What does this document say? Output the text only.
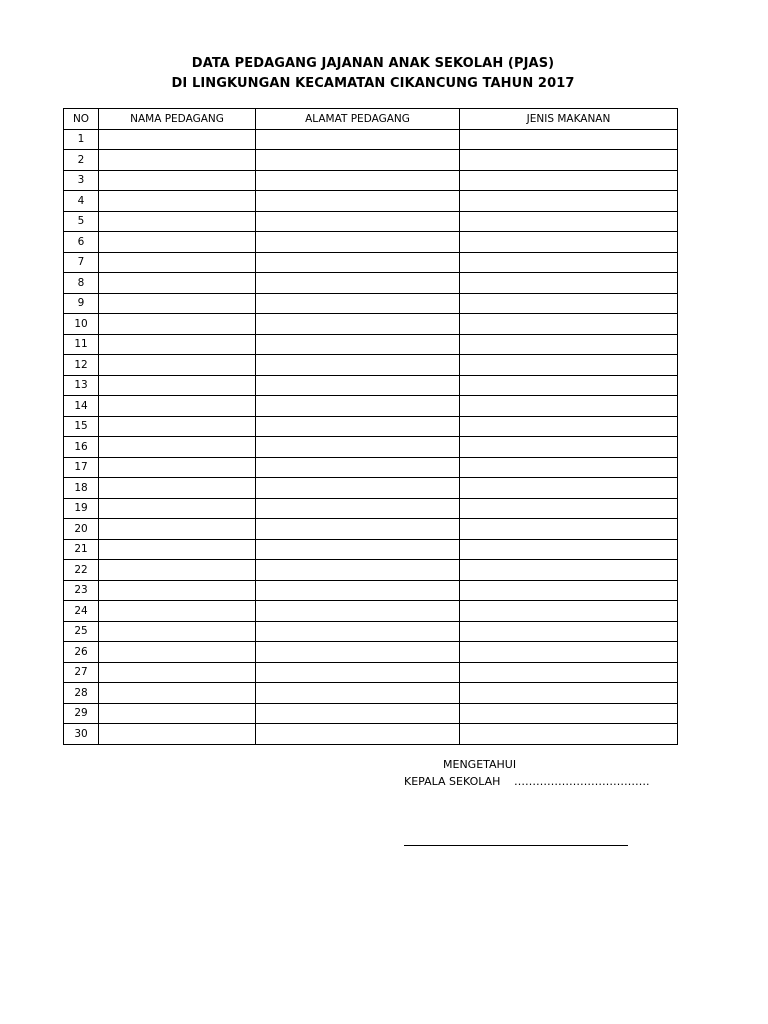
DATA PEDAGANG JAJANAN ANAK SEKOLAH (PJAS)
DI LINGKUNGAN KECAMATAN CIKANCUNG TAHUN 2017
NO	NAMA PEDAGANG	ALAMAT PEDAGANG	JENIS MAKANAN
1			
2			
3			
4			
5			
6			
7			
8			
9			
10			
11			
12			
13			
14			
15			
16			
17			
18			
19			
20			
21			
22			
23			
24			
25			
26			
27			
28			
29			
30			
MENGETAHUI
KEPALA SEKOLAH ……………………………….
